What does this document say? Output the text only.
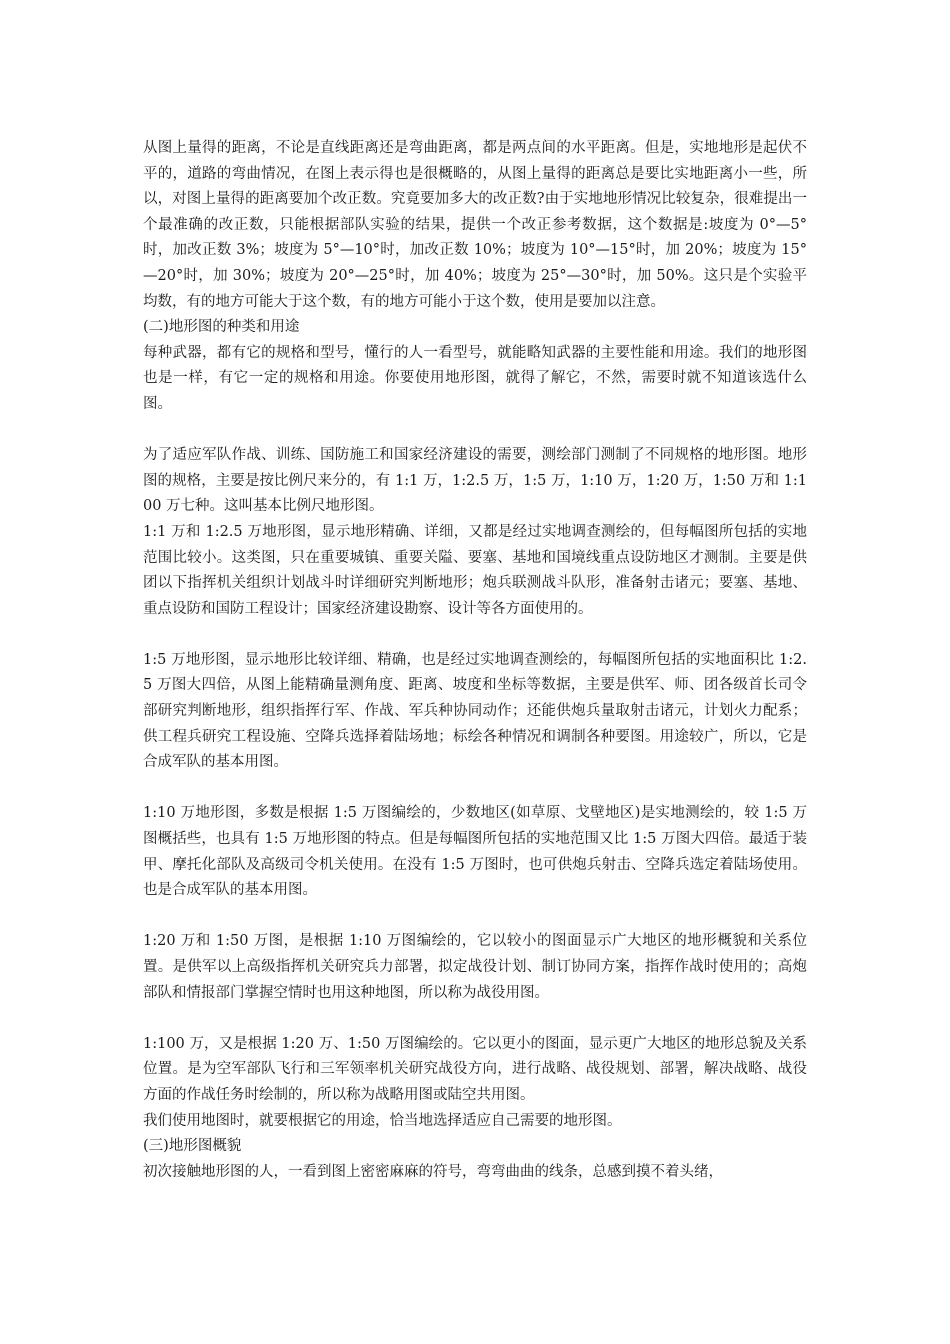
从图上量得的距离，不论是直线距离还是弯曲距离，都是两点间的水平距离。但是，实地地形是起伏不平的，道路的弯曲情况，在图上表示得也是很概略的，从图上量得的距离总是要比实地距离小一些，所以，对图上量得的距离要加个改正数。究竟要加多大的改正数?由于实地地形情况比较复杂，很难提出一个最准确的改正数，只能根据部队实验的结果，提供一个改正参考数据，这个数据是:坡度为 0°—5°时，加改正数 3%；坡度为 5°—10°时，加改正数 10%；坡度为 10°—15°时，加 20%；坡度为 15°—20°时，加 30%；坡度为 20°—25°时，加 40%；坡度为 25°—30°时，加 50%。这只是个实验平均数，有的地方可能大于这个数，有的地方可能小于这个数，使用是要加以注意。

(二)地形图的种类和用途

每种武器，都有它的规格和型号，懂行的人一看型号，就能略知武器的主要性能和用途。我们的地形图也是一样，有它一定的规格和用途。你要使用地形图，就得了解它，不然，需要时就不知道该选什么图。

为了适应军队作战、训练、国防施工和国家经济建设的需要，测绘部门测制了不同规格的地形图。地形图的规格，主要是按比例尺来分的，有 1:1 万，1:2.5 万，1:5 万，1:10 万，1:20 万，1:50 万和 1:100 万七种。这叫基本比例尺地形图。

1:1 万和 1:2.5 万地形图，显示地形精确、详细，又都是经过实地调查测绘的，但每幅图所包括的实地范围比较小。这类图，只在重要城镇、重要关隘、要塞、基地和国境线重点设防地区才测制。主要是供团以下指挥机关组织计划战斗时详细研究判断地形；炮兵联测战斗队形，准备射击诸元；要塞、基地、重点设防和国防工程设计；国家经济建设勘察、设计等各方面使用的。

1:5 万地形图，显示地形比较详细、精确，也是经过实地调查测绘的，每幅图所包括的实地面积比 1:2.5 万图大四倍，从图上能精确量测角度、距离、坡度和坐标等数据，主要是供军、师、团各级首长司令部研究判断地形，组织指挥行军、作战、军兵种协同动作；还能供炮兵量取射击诸元，计划火力配系；供工程兵研究工程设施、空降兵选择着陆场地；标绘各种情况和调制各种要图。用途较广，所以，它是合成军队的基本用图。

1:10 万地形图，多数是根据 1:5 万图编绘的，少数地区(如草原、戈壁地区)是实地测绘的，较 1:5 万图概括些，也具有 1:5 万地形图的特点。但是每幅图所包括的实地范围又比 1:5 万图大四倍。最适于装甲、摩托化部队及高级司令机关使用。在没有 1:5 万图时，也可供炮兵射击、空降兵选定着陆场使用。也是合成军队的基本用图。

1:20 万和 1:50 万图，是根据 1:10 万图编绘的，它以较小的图面显示广大地区的地形概貌和关系位置。是供军以上高级指挥机关研究兵力部署，拟定战役计划、制订协同方案，指挥作战时使用的；高炮部队和情报部门掌握空情时也用这种地图，所以称为战役用图。

1:100 万，又是根据 1:20 万、1:50 万图编绘的。它以更小的图面，显示更广大地区的地形总貌及关系位置。是为空军部队飞行和三军领率机关研究战役方向，进行战略、战役规划、部署，解决战略、战役方面的作战任务时绘制的，所以称为战略用图或陆空共用图。

我们使用地图时，就要根据它的用途，恰当地选择适应自己需要的地形图。

(三)地形图概貌

初次接触地形图的人，一看到图上密密麻麻的符号，弯弯曲曲的线条，总感到摸不着头绪，
